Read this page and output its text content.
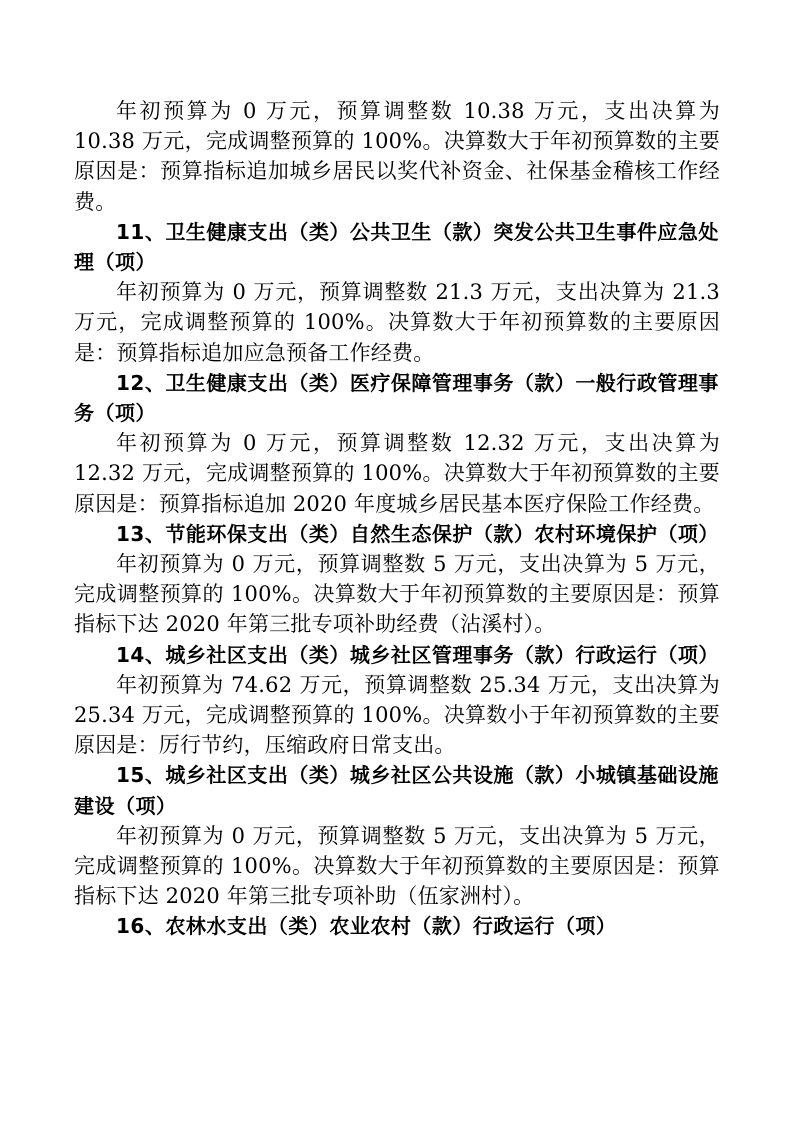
年初预算为 0 万元，预算调整数 10.38 万元，支出决算为 10.38 万元，完成调整预算的 100%。决算数大于年初预算数的主要原因是：预算指标追加城乡居民以奖代补资金、社保基金稽核工作经费。

11、卫生健康支出（类）公共卫生（款）突发公共卫生事件应急处理（项）

年初预算为 0 万元，预算调整数 21.3 万元，支出决算为 21.3 万元，完成调整预算的 100%。决算数大于年初预算数的主要原因是：预算指标追加应急预备工作经费。

12、卫生健康支出（类）医疗保障管理事务（款）一般行政管理事务（项）

年初预算为 0 万元，预算调整数 12.32 万元，支出决算为 12.32 万元，完成调整预算的 100%。决算数大于年初预算数的主要原因是：预算指标追加 2020 年度城乡居民基本医疗保险工作经费。

13、节能环保支出（类）自然生态保护（款）农村环境保护（项）

年初预算为 0 万元，预算调整数 5 万元，支出决算为 5 万元，完成调整预算的 100%。决算数大于年初预算数的主要原因是：预算指标下达 2020 年第三批专项补助经费（沾溪村）。

14、城乡社区支出（类）城乡社区管理事务（款）行政运行（项）

年初预算为 74.62 万元，预算调整数 25.34 万元，支出决算为 25.34 万元，完成调整预算的 100%。决算数小于年初预算数的主要原因是：厉行节约，压缩政府日常支出。

15、城乡社区支出（类）城乡社区公共设施（款）小城镇基础设施建设（项）

年初预算为 0 万元，预算调整数 5 万元，支出决算为 5 万元，完成调整预算的 100%。决算数大于年初预算数的主要原因是：预算指标下达 2020 年第三批专项补助（伍家洲村）。

16、农林水支出（类）农业农村（款）行政运行（项）
